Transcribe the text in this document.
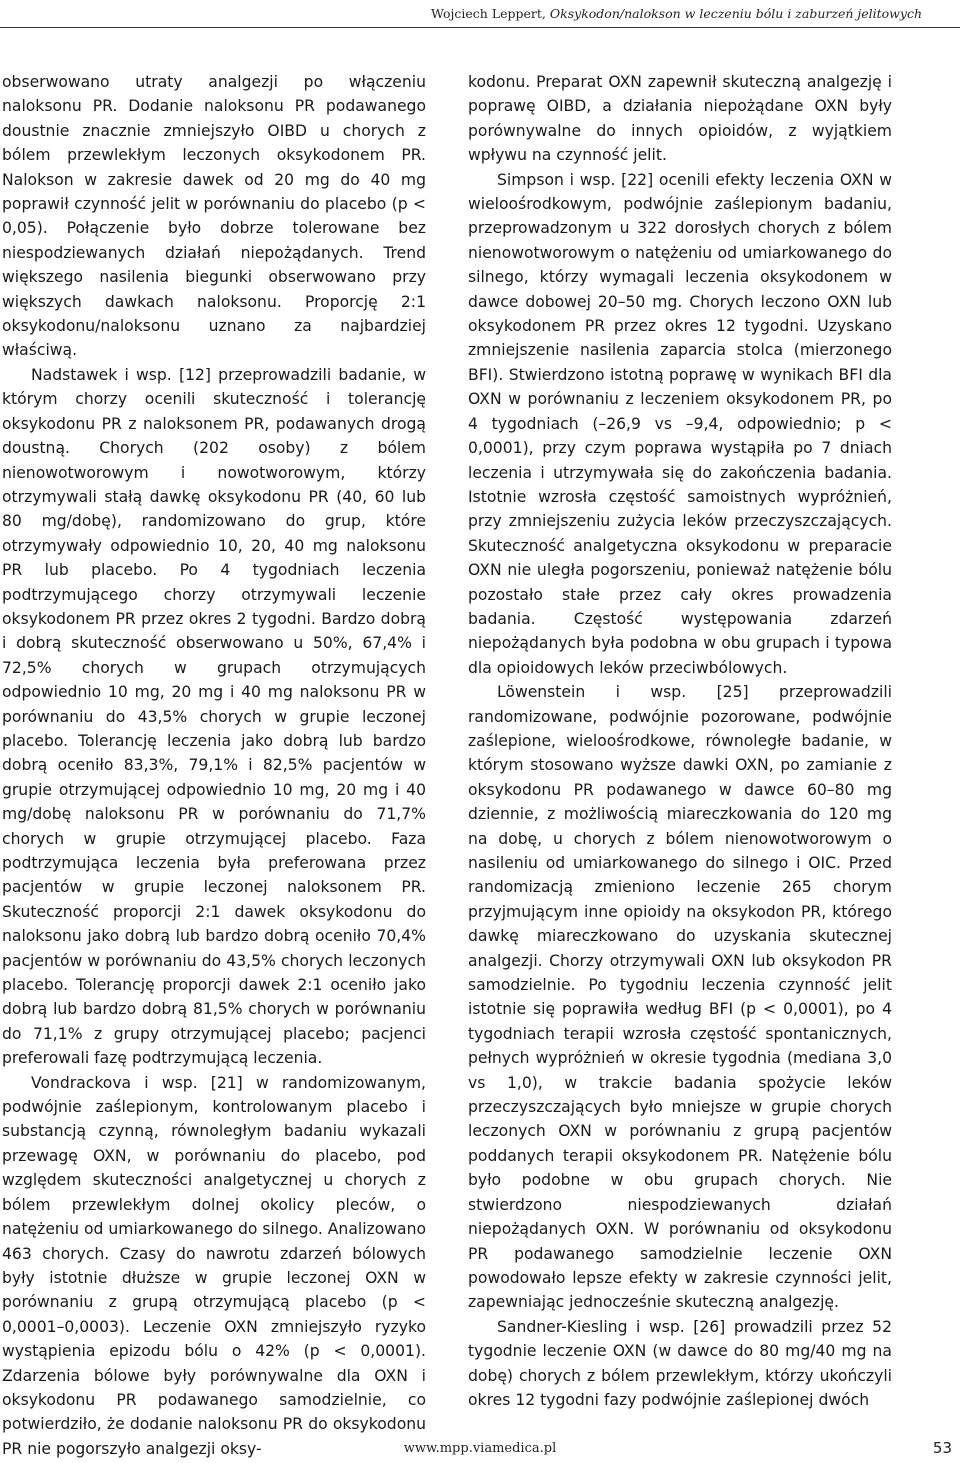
Wojciech Leppert, Oksykodon/nalokson w leczeniu bólu i zaburzeń jelitowych

obserwowano utraty analgezji po włączeniu naloksonu PR. Dodanie naloksonu PR podawanego doustnie znacznie zmniejszyło OIBD u chorych z bólem przewlekłym leczonych oksykodonem PR. Nalokson w zakresie dawek od 20 mg do 40 mg poprawił czynność jelit w porównaniu do placebo (p < 0,05). Połączenie było dobrze tolerowane bez niespodziewanych działań niepożądanych. Trend większego nasilenia biegunki obserwowano przy większych dawkach naloksonu. Proporcję 2:1 oksykodonu/naloksonu uznano za najbardziej właściwą.

Nadstawek i wsp. [12] przeprowadzili badanie, w którym chorzy ocenili skuteczność i tolerancję oksykodonu PR z naloksonem PR, podawanych drogą doustną. Chorych (202 osoby) z bólem nienowotworowym i nowotworowym, którzy otrzymywali stałą dawkę oksykodonu PR (40, 60 lub 80 mg/dobę), randomizowano do grup, które otrzymywały odpowiednio 10, 20, 40 mg naloksonu PR lub placebo. Po 4 tygodniach leczenia podtrzymującego chorzy otrzymywali leczenie oksykodonem PR przez okres 2 tygodni. Bardzo dobrą i dobrą skuteczność obserwowano u 50%, 67,4% i 72,5% chorych w grupach otrzymujących odpowiednio 10 mg, 20 mg i 40 mg naloksonu PR w porównaniu do 43,5% chorych w grupie leczonej placebo. Tolerancję leczenia jako dobrą lub bardzo dobrą oceniło 83,3%, 79,1% i 82,5% pacjentów w grupie otrzymującej odpowiednio 10 mg, 20 mg i 40 mg/dobę naloksonu PR w porównaniu do 71,7% chorych w grupie otrzymującej placebo. Faza podtrzymująca leczenia była preferowana przez pacjentów w grupie leczonej naloksonem PR. Skuteczność proporcji 2:1 dawek oksykodonu do naloksonu jako dobrą lub bardzo dobrą oceniło 70,4% pacjentów w porównaniu do 43,5% chorych leczonych placebo. Tolerancję proporcji dawek 2:1 oceniło jako dobrą lub bardzo dobrą 81,5% chorych w porównaniu do 71,1% z grupy otrzymującej placebo; pacjenci preferowali fazę podtrzymującą leczenia.

Vondrackova i wsp. [21] w randomizowanym, podwójnie zaślepionym, kontrolowanym placebo i substancją czynną, równoległym badaniu wykazali przewagę OXN, w porównaniu do placebo, pod względem skuteczności analgetycznej u chorych z bólem przewlekłym dolnej okolicy pleców, o natężeniu od umiarkowanego do silnego. Analizowano 463 chorych. Czasy do nawrotu zdarzeń bólowych były istotnie dłuższe w grupie leczonej OXN w porównaniu z grupą otrzymującą placebo (p < 0,0001–0,0003). Leczenie OXN zmniejszyło ryzyko wystąpienia epizodu bólu o 42% (p < 0,0001). Zdarzenia bólowe były porównywalne dla OXN i oksykodonu PR podawanego samodzielnie, co potwierdziło, że dodanie naloksonu PR do oksykodonu PR nie pogorszyło analgezji oksy-

kodonu. Preparat OXN zapewnił skuteczną analgezję i poprawę OIBD, a działania niepożądane OXN były porównywalne do innych opioidów, z wyjątkiem wpływu na czynność jelit.

Simpson i wsp. [22] ocenili efekty leczenia OXN w wieloośrodkowym, podwójnie zaślepionym badaniu, przeprowadzonym u 322 dorosłych chorych z bólem nienowotworowym o natężeniu od umiarkowanego do silnego, którzy wymagali leczenia oksykodonem w dawce dobowej 20–50 mg. Chorych leczono OXN lub oksykodonem PR przez okres 12 tygodni. Uzyskano zmniejszenie nasilenia zaparcia stolca (mierzonego BFI). Stwierdzono istotną poprawę w wynikach BFI dla OXN w porównaniu z leczeniem oksykodonem PR, po 4 tygodniach (–26,9 vs –9,4, odpowiednio; p < 0,0001), przy czym poprawa wystąpiła po 7 dniach leczenia i utrzymywała się do zakończenia badania. Istotnie wzrosła częstość samoistnych wypróżnień, przy zmniejszeniu zużycia leków przeczyszczających. Skuteczność analgetyczna oksykodonu w preparacie OXN nie uległa pogorszeniu, ponieważ natężenie bólu pozostało stałe przez cały okres prowadzenia badania. Częstość występowania zdarzeń niepożądanych była podobna w obu grupach i typowa dla opioidowych leków przeciwbólowych.

Löwenstein i wsp. [25] przeprowadzili randomizowane, podwójnie pozorowane, podwójnie zaślepione, wieloośrodkowe, równoległe badanie, w którym stosowano wyższe dawki OXN, po zamianie z oksykodonu PR podawanego w dawce 60–80 mg dziennie, z możliwością miareczkowania do 120 mg na dobę, u chorych z bólem nienowotworowym o nasileniu od umiarkowanego do silnego i OIC. Przed randomizacją zmieniono leczenie 265 chorym przyjmującym inne opioidy na oksykodon PR, którego dawkę miareczkowano do uzyskania skutecznej analgezji. Chorzy otrzymywali OXN lub oksykodon PR samodzielnie. Po tygodniu leczenia czynność jelit istotnie się poprawiła według BFI (p < 0,0001), po 4 tygodniach terapii wzrosła częstość spontanicznych, pełnych wypróżnień w okresie tygodnia (mediana 3,0 vs 1,0), w trakcie badania spożycie leków przeczyszczających było mniejsze w grupie chorych leczonych OXN w porównaniu z grupą pacjentów poddanych terapii oksykodonem PR. Natężenie bólu było podobne w obu grupach chorych. Nie stwierdzono niespodziewanych działań niepożądanych OXN. W porównaniu od oksykodonu PR podawanego samodzielnie leczenie OXN powodowało lepsze efekty w zakresie czynności jelit, zapewniając jednocześnie skuteczną analgezję.

Sandner-Kiesling i wsp. [26] prowadzili przez 52 tygodnie leczenie OXN (w dawce do 80 mg/40 mg na dobę) chorych z bólem przewlekłym, którzy ukończyli okres 12 tygodni fazy podwójnie zaślepionej dwóch

www.mpp.viamedica.pl	53
